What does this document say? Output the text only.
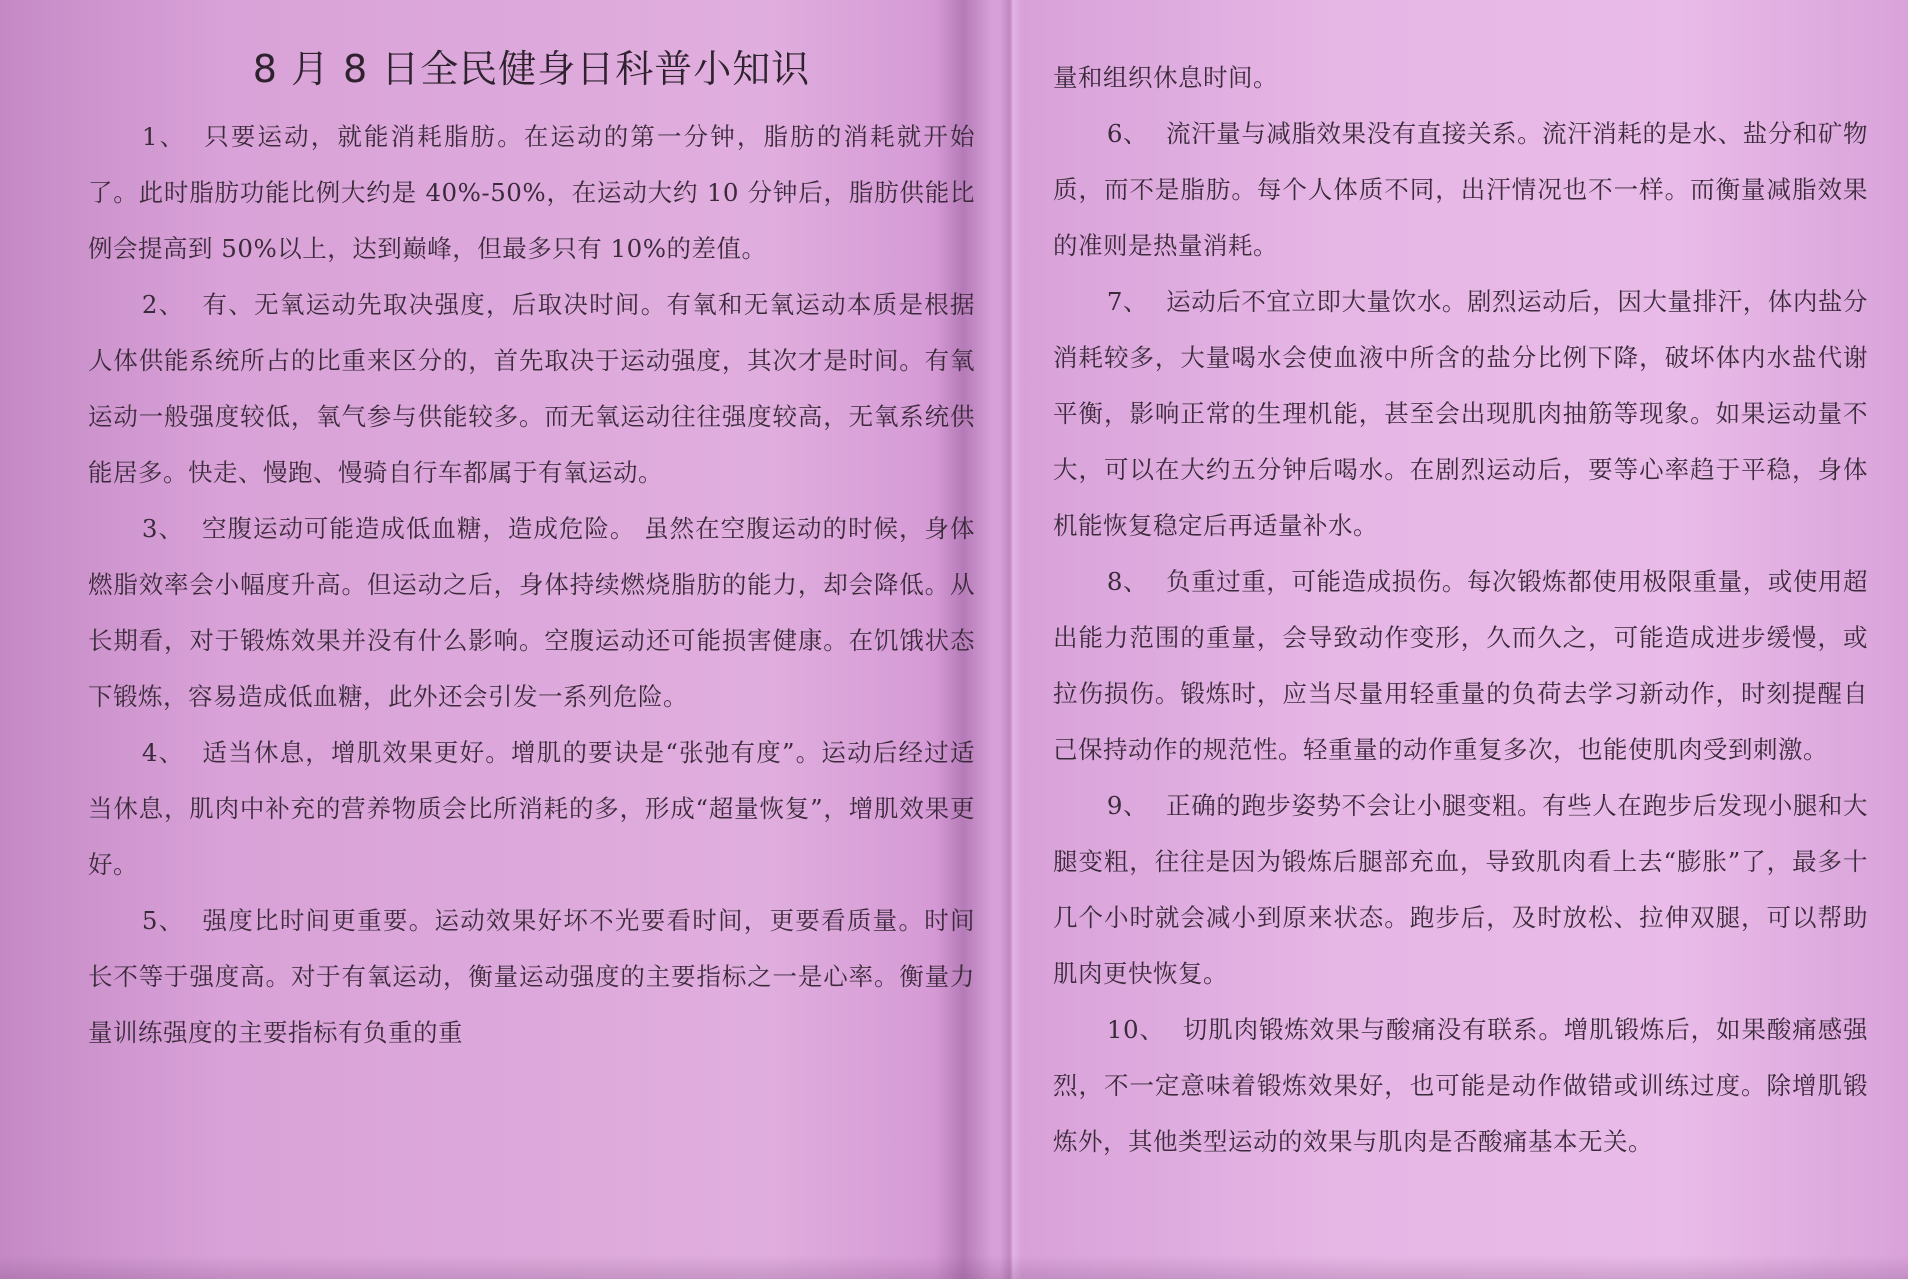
8 月 8 日全民健身日科普小知识

1、 只要运动，就能消耗脂肪。在运动的第一分钟，脂肪的消耗就开始了。此时脂肪功能比例大约是 40%-50%，在运动大约 10 分钟后，脂肪供能比例会提高到 50%以上，达到巅峰，但最多只有 10%的差值。

2、 有、无氧运动先取决强度，后取决时间。有氧和无氧运动本质是根据人体供能系统所占的比重来区分的，首先取决于运动强度，其次才是时间。有氧运动一般强度较低，氧气参与供能较多。而无氧运动往往强度较高，无氧系统供能居多。快走、慢跑、慢骑自行车都属于有氧运动。

3、 空腹运动可能造成低血糖，造成危险。 虽然在空腹运动的时候，身体燃脂效率会小幅度升高。但运动之后，身体持续燃烧脂肪的能力，却会降低。从长期看，对于锻炼效果并没有什么影响。空腹运动还可能损害健康。在饥饿状态下锻炼，容易造成低血糖，此外还会引发一系列危险。

4、 适当休息，增肌效果更好。增肌的要诀是“张弛有度”。运动后经过适当休息，肌肉中补充的营养物质会比所消耗的多，形成“超量恢复”，增肌效果更好。

5、 强度比时间更重要。运动效果好坏不光要看时间，更要看质量。时间长不等于强度高。对于有氧运动，衡量运动强度的主要指标之一是心率。衡量力量训练强度的主要指标有负重的重

量和组织休息时间。

6、 流汗量与减脂效果没有直接关系。流汗消耗的是水、盐分和矿物质，而不是脂肪。每个人体质不同，出汗情况也不一样。而衡量减脂效果的准则是热量消耗。

7、 运动后不宜立即大量饮水。剧烈运动后，因大量排汗，体内盐分消耗较多，大量喝水会使血液中所含的盐分比例下降，破坏体内水盐代谢平衡，影响正常的生理机能，甚至会出现肌肉抽筋等现象。如果运动量不大，可以在大约五分钟后喝水。在剧烈运动后，要等心率趋于平稳，身体机能恢复稳定后再适量补水。

8、 负重过重，可能造成损伤。每次锻炼都使用极限重量，或使用超出能力范围的重量，会导致动作变形，久而久之，可能造成进步缓慢，或拉伤损伤。锻炼时，应当尽量用轻重量的负荷去学习新动作，时刻提醒自己保持动作的规范性。轻重量的动作重复多次，也能使肌肉受到刺激。

9、 正确的跑步姿势不会让小腿变粗。有些人在跑步后发现小腿和大腿变粗，往往是因为锻炼后腿部充血，导致肌肉看上去“膨胀”了，最多十几个小时就会减小到原来状态。跑步后，及时放松、拉伸双腿，可以帮助肌肉更快恢复。

10、 切肌肉锻炼效果与酸痛没有联系。增肌锻炼后，如果酸痛感强烈，不一定意味着锻炼效果好，也可能是动作做错或训练过度。除增肌锻炼外，其他类型运动的效果与肌肉是否酸痛基本无关。
